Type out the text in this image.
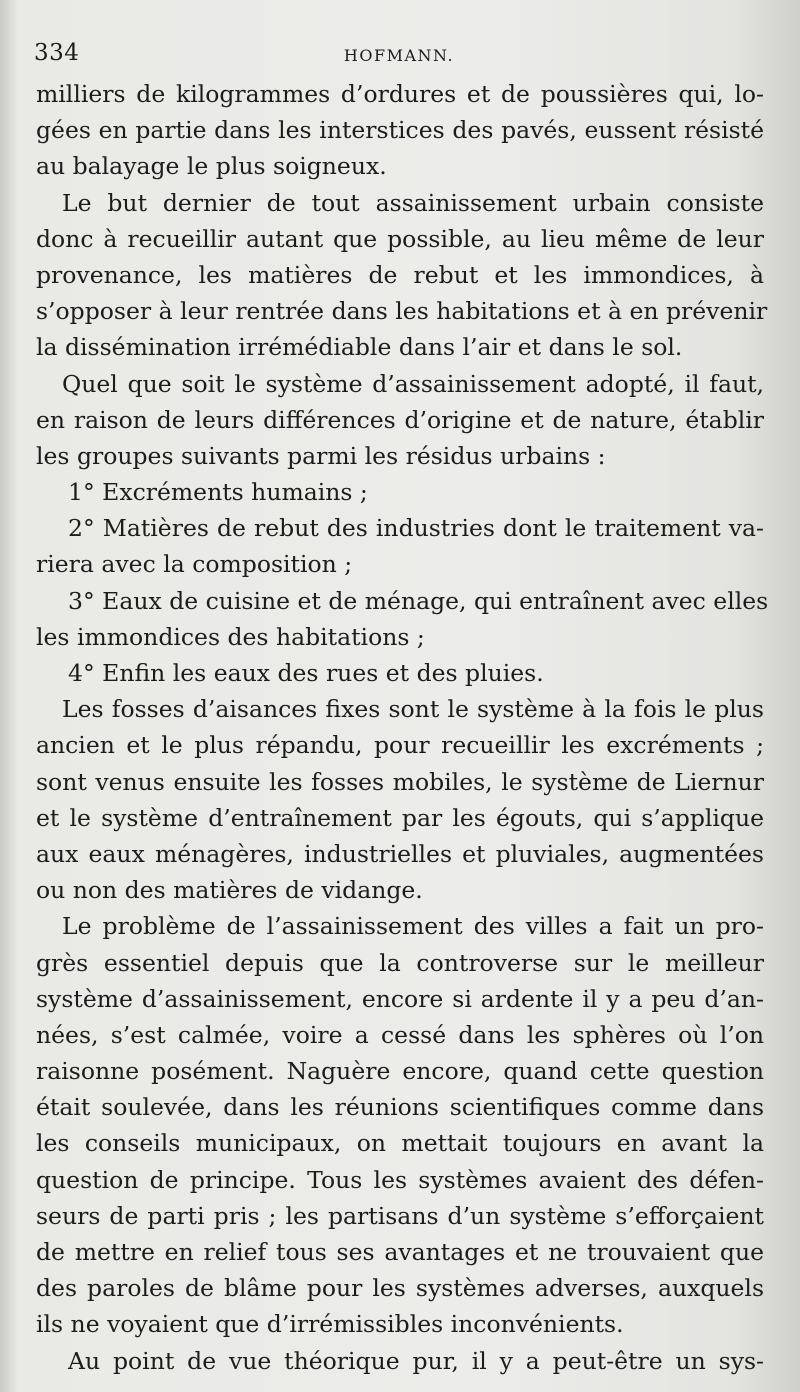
334	HOFMANN.
milliers de kilogrammes d’ordures et de poussières qui, lo-
gées en partie dans les interstices des pavés, eussent résisté
au balayage le plus soigneux.
Le but dernier de tout assainissement urbain consiste
donc à recueillir autant que possible, au lieu même de leur
provenance, les matières de rebut et les immondices, à
s’opposer à leur rentrée dans les habitations et à en prévenir
la dissémination irrémédiable dans l’air et dans le sol.
Quel que soit le système d’assainissement adopté, il faut,
en raison de leurs différences d’origine et de nature, établir
les groupes suivants parmi les résidus urbains :
1° Excréments humains ;
2° Matières de rebut des industries dont le traitement va-
riera avec la composition ;
3° Eaux de cuisine et de ménage, qui entraînent avec elles
les immondices des habitations ;
4° Enfin les eaux des rues et des pluies.
Les fosses d’aisances fixes sont le système à la fois le plus
ancien et le plus répandu, pour recueillir les excréments ;
sont venus ensuite les fosses mobiles, le système de Liernur
et le système d’entraînement par les égouts, qui s’applique
aux eaux ménagères, industrielles et pluviales, augmentées
ou non des matières de vidange.
Le problème de l’assainissement des villes a fait un pro-
grès essentiel depuis que la controverse sur le meilleur
système d’assainissement, encore si ardente il y a peu d’an-
nées, s’est calmée, voire a cessé dans les sphères où l’on
raisonne posément. Naguère encore, quand cette question
était soulevée, dans les réunions scientifiques comme dans
les conseils municipaux, on mettait toujours en avant la
question de principe. Tous les systèmes avaient des défen-
seurs de parti pris ; les partisans d’un système s’efforçaient
de mettre en relief tous ses avantages et ne trouvaient que
des paroles de blâme pour les systèmes adverses, auxquels
ils ne voyaient que d’irrémissibles inconvénients.
Au point de vue théorique pur, il y a peut-être un sys-
